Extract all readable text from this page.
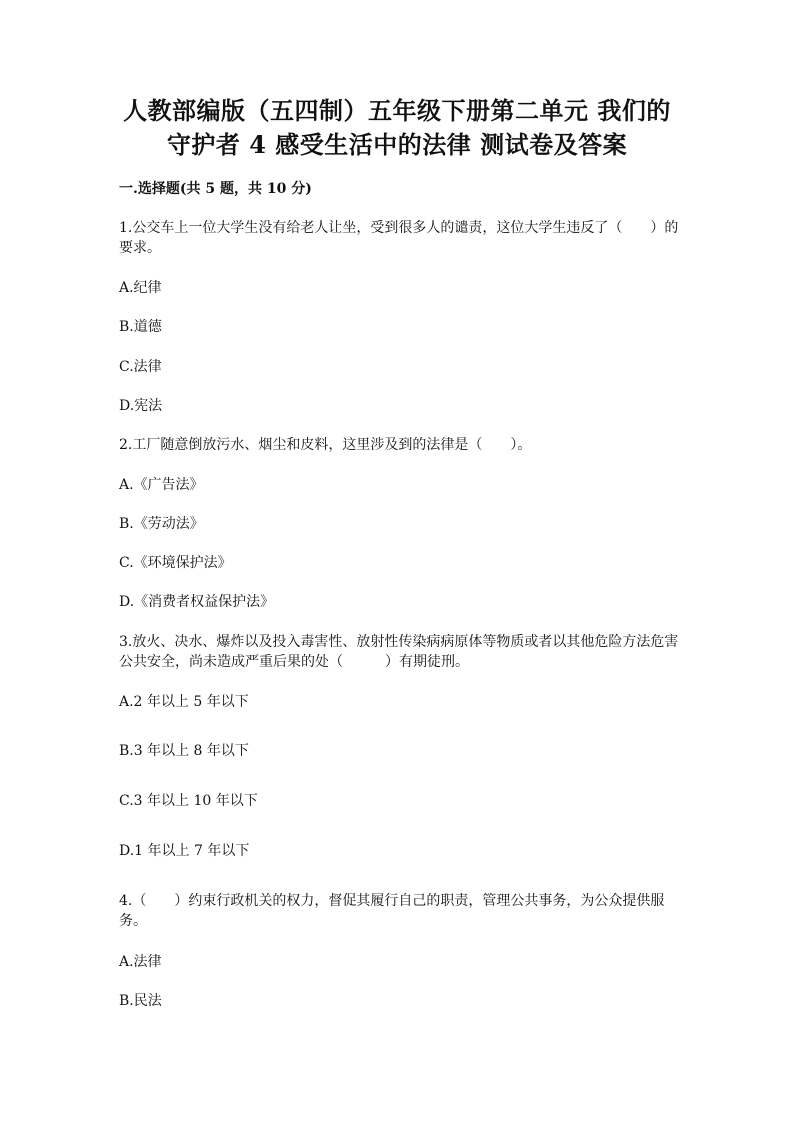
人教部编版（五四制）五年级下册第二单元 我们的
守护者 4 感受生活中的法律 测试卷及答案
一.选择题(共 5 题，共 10 分)
1.公交车上一位大学生没有给老人让坐，受到很多人的谴责，这位大学生违反了（　　）的要求。
A.纪律
B.道德
C.法律
D.宪法
2.工厂随意倒放污水、烟尘和皮料，这里涉及到的法律是（　　）。
A.《广告法》
B.《劳动法》
C.《环境保护法》
D.《消费者权益保护法》
3.放火、决水、爆炸以及投入毒害性、放射性传染病病原体等物质或者以其他危险方法危害公共安全，尚未造成严重后果的处（　　　）有期徒刑。
A.2 年以上 5 年以下
B.3 年以上 8 年以下
C.3 年以上 10 年以下
D.1 年以上 7 年以下
4.（　　）约束行政机关的权力，督促其履行自己的职责，管理公共事务，为公众提供服务。
A.法律
B.民法
